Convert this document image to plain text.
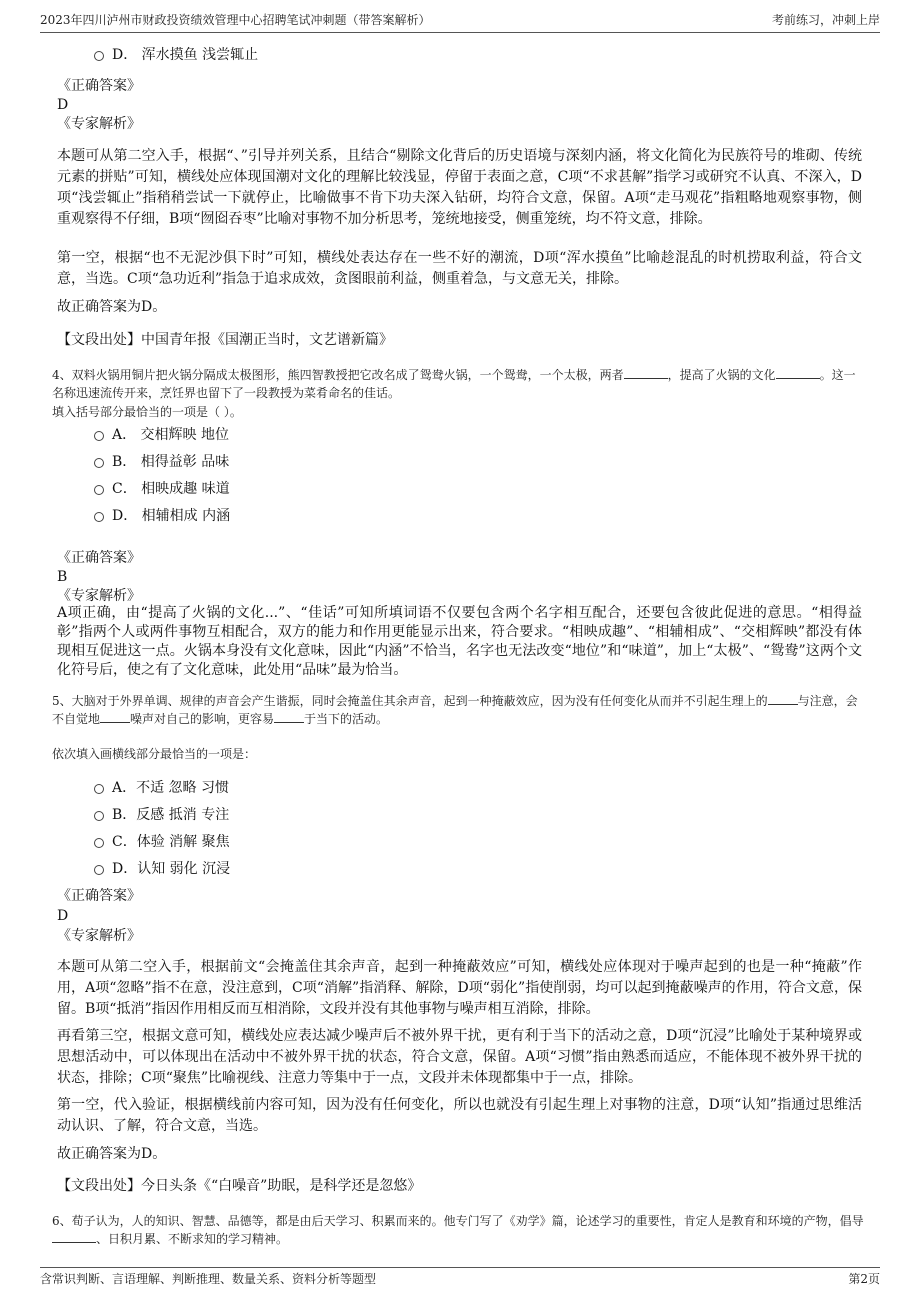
2023年四川泸州市财政投资绩效管理中心招聘笔试冲刺题（带答案解析）	考前练习，冲刺上岸
D． 浑水摸鱼 浅尝辄止
《正确答案》
D
《专家解析》
本题可从第二空入手，根据“、”引导并列关系，且结合“剔除文化背后的历史语境与深刻内涵，将文化简化为民族符号的堆砌、传统元素的拼贴”可知，横线处应体现国潮对文化的理解比较浅显，停留于表面之意，C项“不求甚解”指学习或研究不认真、不深入，D项“浅尝辄止”指稍稍尝试一下就停止，比喻做事不肯下功夫深入钻研，均符合文意，保留。A项“走马观花”指粗略地观察事物，侧重观察得不仔细，B项“囫囵吞枣”比喻对事物不加分析思考，笼统地接受，侧重笼统，均不符文意，排除。
第一空，根据“也不无泥沙俱下时”可知，横线处表达存在一些不好的潮流，D项“浑水摸鱼”比喻趁混乱的时机捞取利益，符合文意，当选。C项“急功近利”指急于追求成效，贪图眼前利益，侧重着急，与文意无关，排除。
故正确答案为D。
【文段出处】中国青年报《国潮正当时，文艺谱新篇》
4、双料火锅用铜片把火锅分隔成太极图形，熊四智教授把它改名成了鸳鸯火锅，一个鸳鸯，一个太极，两者	，提高了火锅的文化	。这一名称迅速流传开来，烹饪界也留下了一段教授为菜肴命名的佳话。
填入括号部分最恰当的一项是（ ）。
A． 交相辉映 地位
B． 相得益彰 品味
C． 相映成趣 味道
D． 相辅相成 内涵
《正确答案》
B
《专家解析》
A项正确，由“提高了火锅的文化...”、“佳话”可知所填词语不仅要包含两个名字相互配合，还要包含彼此促进的意思。“相得益彰”指两个人或两件事物互相配合，双方的能力和作用更能显示出来，符合要求。“相映成趣”、“相辅相成”、“交相辉映”都没有体现相互促进这一点。火锅本身没有文化意味，因此“内涵”不恰当，名字也无法改变“地位”和“味道”，加上“太极”、“鸳鸯”这两个文化符号后，使之有了文化意味，此处用“品味”最为恰当。
5、大脑对于外界单调、规律的声音会产生谐振，同时会掩盖住其余声音，起到一种掩蔽效应，因为没有任何变化从而并不引起生理上的	与注意，会不自觉地	噪声对自己的影响，更容易	于当下的活动。
依次填入画横线部分最恰当的一项是：
A．不适 忽略 习惯
B．反感 抵消 专注
C．体验 消解 聚焦
D．认知 弱化 沉浸
《正确答案》
D
《专家解析》
本题可从第二空入手，根据前文“会掩盖住其余声音，起到一种掩蔽效应”可知，横线处应体现对于噪声起到的也是一种“掩蔽”作用，A项“忽略”指不在意，没注意到，C项“消解”指消释、解除，D项“弱化”指使削弱，均可以起到掩蔽噪声的作用，符合文意，保留。B项“抵消”指因作用相反而互相消除，文段并没有其他事物与噪声相互消除，排除。
再看第三空，根据文意可知，横线处应表达减少噪声后不被外界干扰，更有利于当下的活动之意，D项“沉浸”比喻处于某种境界或思想活动中，可以体现出在活动中不被外界干扰的状态，符合文意，保留。A项“习惯”指由熟悉而适应，不能体现不被外界干扰的状态，排除；C项“聚焦”比喻视线、注意力等集中于一点，文段并未体现都集中于一点，排除。
第一空，代入验证，根据横线前内容可知，因为没有任何变化，所以也就没有引起生理上对事物的注意，D项“认知”指通过思维活动认识、了解，符合文意，当选。
故正确答案为D。
【文段出处】今日头条《“白噪音”助眠，是科学还是忽悠》
6、荀子认为，人的知识、智慧、品德等，都是由后天学习、积累而来的。他专门写了《劝学》篇，论述学习的重要性，肯定人是教育和环境的产物，倡导、日积月累、不断求知的学习精神。
含常识判断、言语理解、判断推理、数量关系、资料分析等题型	第2页
